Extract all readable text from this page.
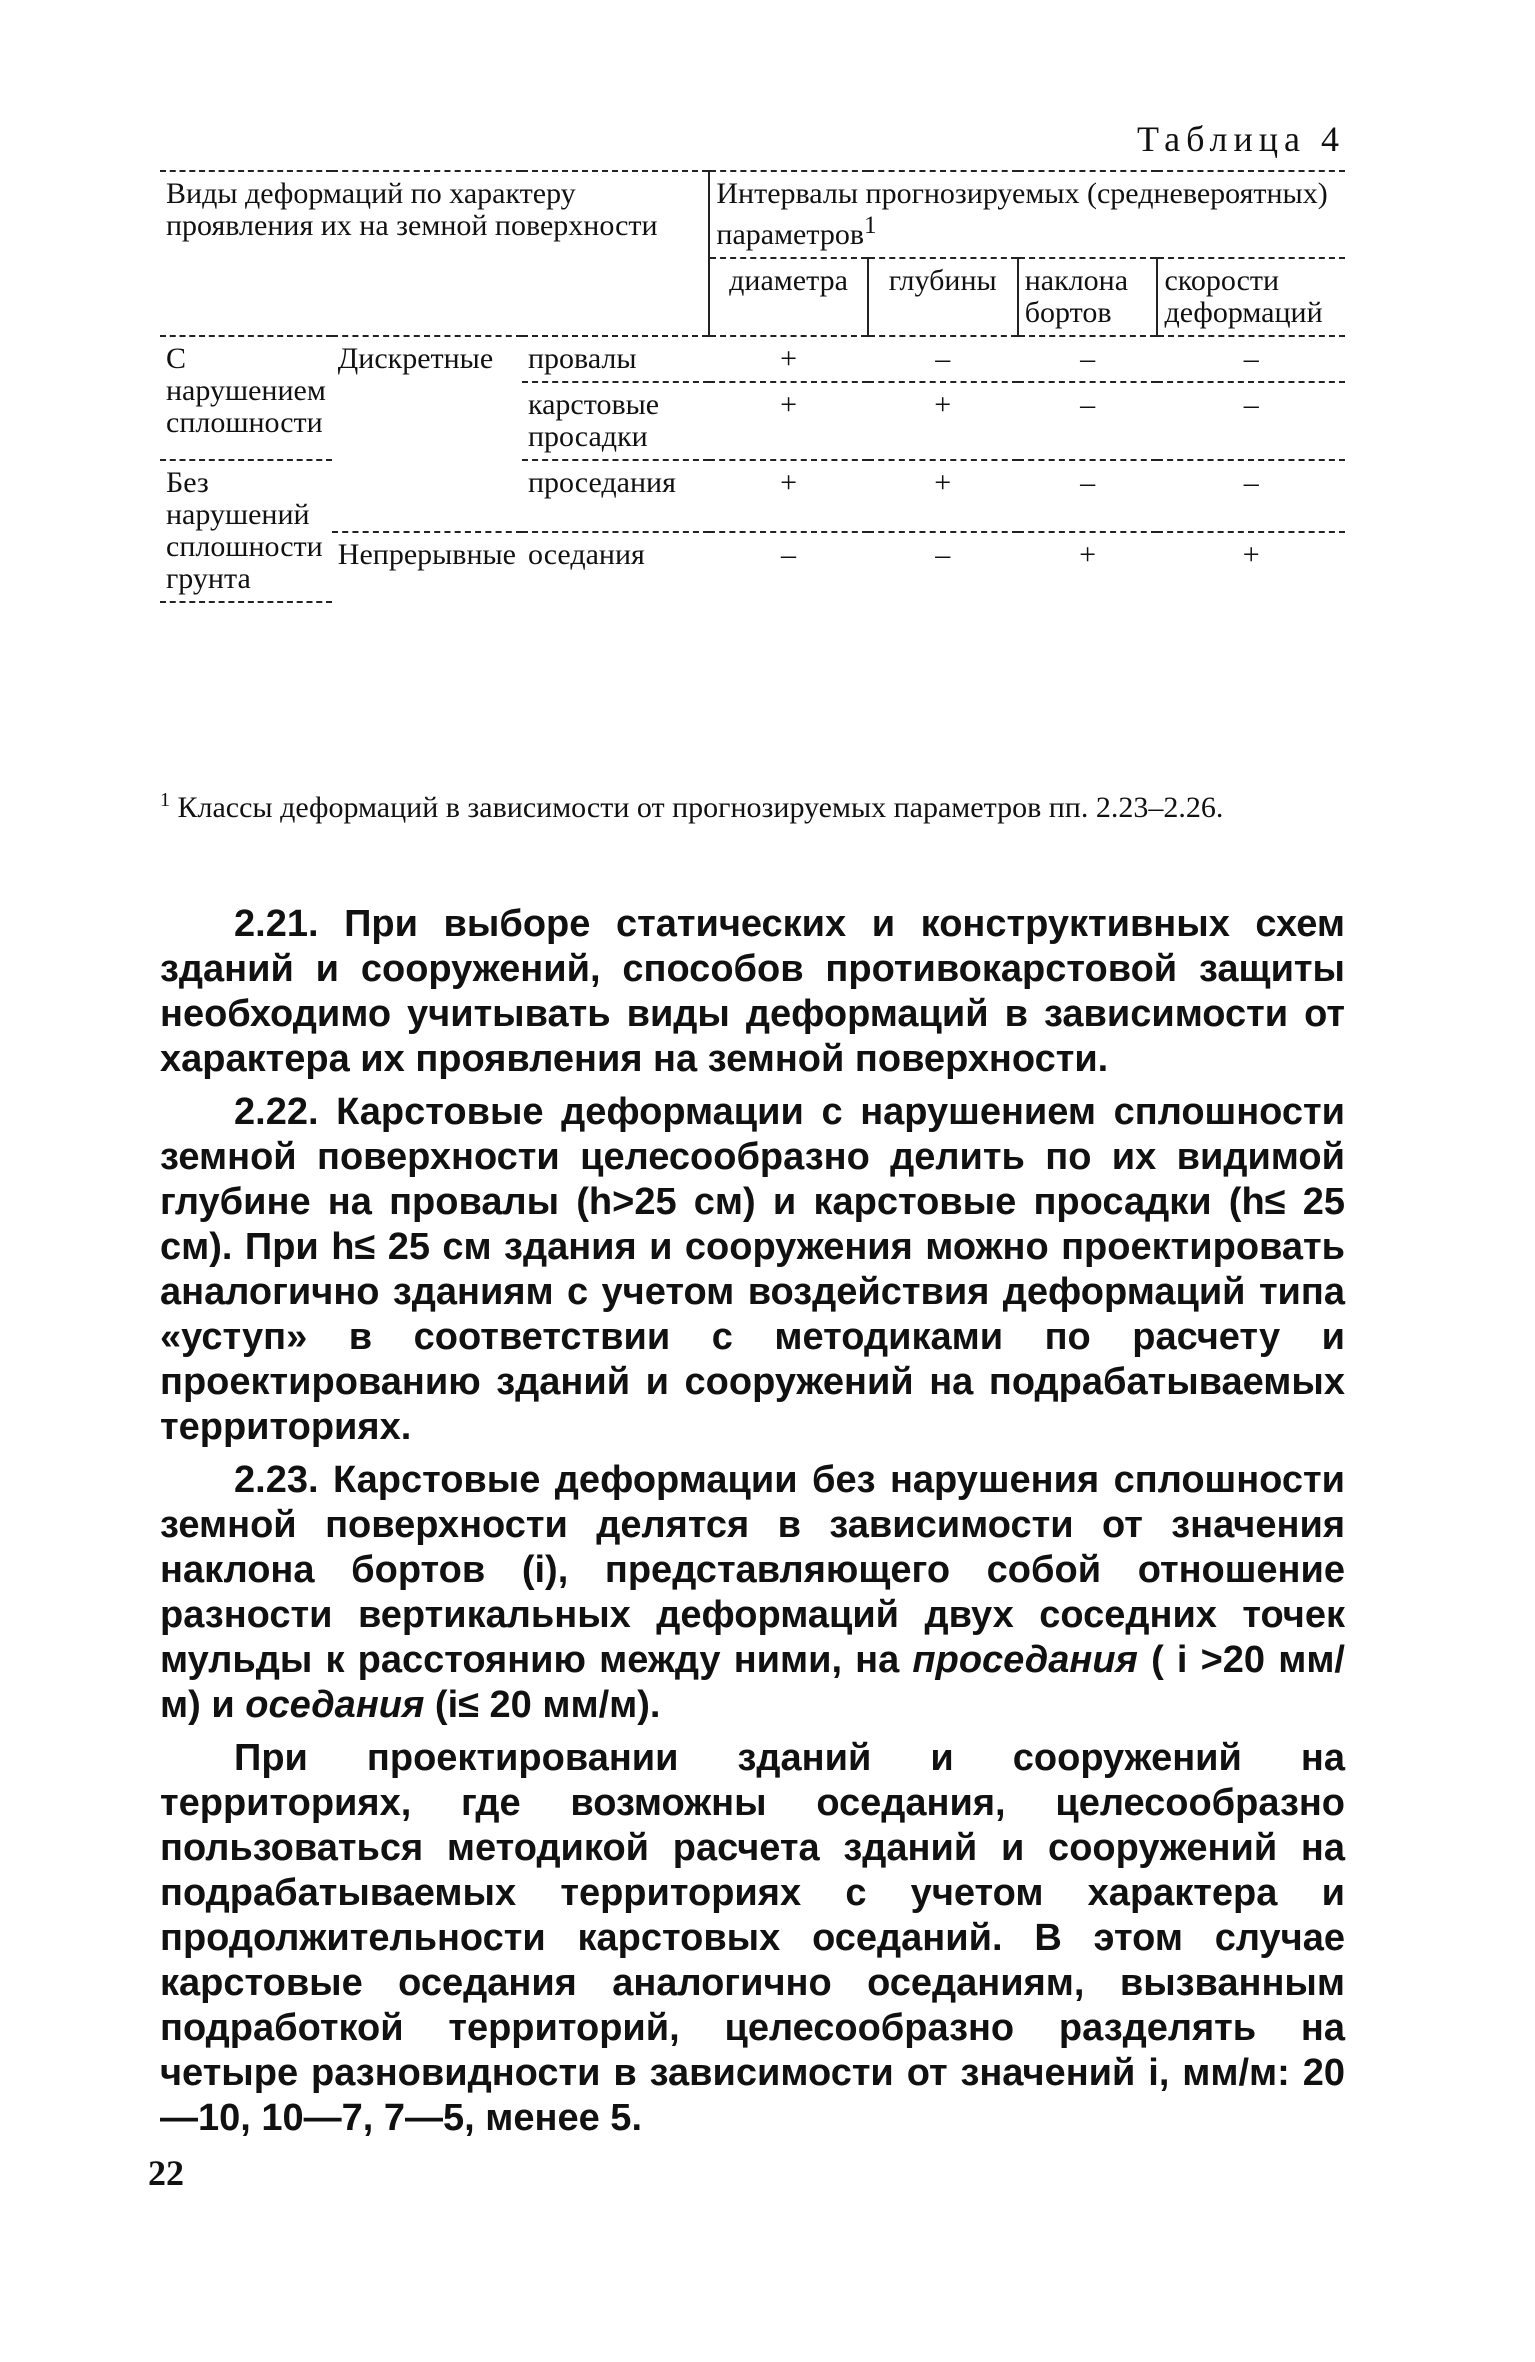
Таблица 4
Виды деформаций по характеру проявления их на земной поверхности			Интервалы прогнозируемых (средневероятных) параметров$^1$
			диаметра	глубины	наклона бортов	скорости деформаций
С нарушением сплошности	Дискретные	провалы	+	–	–	–
		карстовые просадки	+	+	–	–
Без нарушений сплошности грунта		проседания	+	+	–	–
	Непрерывные	оседания	–	–	+	+
$^1$ Классы деформаций в зависимости от прогнозируемых параметров пп. 2.23–2.26.

2.21. При выборе статических и конструктивных схем зданий и сооружений, способов противокарстовой защиты необходимо учитывать виды деформаций в зависимости от характера их проявления на земной поверхности.

2.22. Карстовые деформации с нарушением сплошности земной поверхности целесообразно делить по их видимой глубине на провалы (h>25 см) и карстовые просадки (h≤ 25 см). При h≤ 25 см здания и сооружения можно проектировать аналогично зданиям с учетом воздействия деформаций типа «уступ» в соответствии с методиками по расчету и проектированию зданий и сооружений на подрабатываемых территориях.

2.23. Карстовые деформации без нарушения сплошности земной поверхности делятся в зависимости от значения наклона бортов (i), представляющего собой отношение разности вертикальных деформаций двух соседних точек мульды к расстоянию между ними, на проседания ( i >20 мм/м) и оседания (i≤ 20 мм/м).

При проектировании зданий и сооружений на территориях, где возможны оседания, целесообразно пользоваться методикой расчета зданий и сооружений на подрабатываемых территориях с учетом характера и продолжительности карстовых оседаний. В этом случае карстовые оседания аналогично оседаниям, вызванным подработкой территорий, целесообразно разделять на четыре разновидности в зависимости от значений i, мм/м: 20—10, 10—7, 7—5, менее 5.

22
